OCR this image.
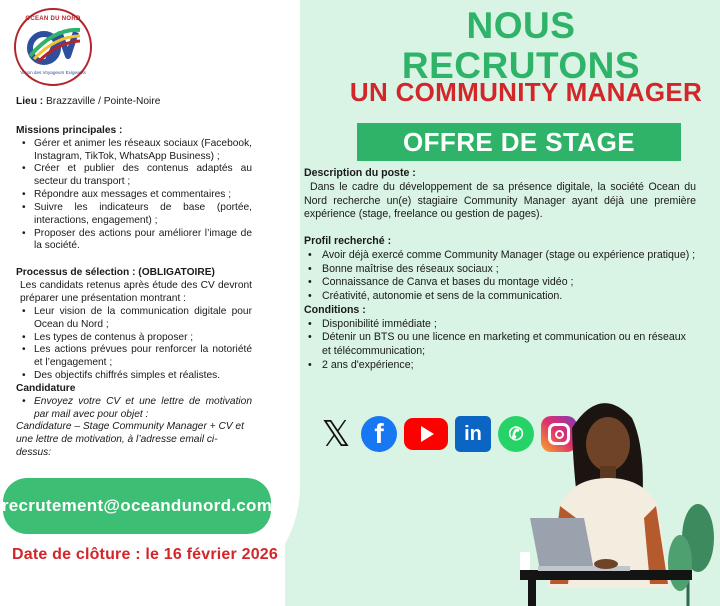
OCEAN DU NORD
Vision des Voyageurs Exigeants
Lieu : Brazzaville / Pointe-Noire
Missions principales :
• Gérer et animer les réseaux sociaux (Facebook, Instagram, TikTok, WhatsApp Business) ;
• Créer et publier des contenus adaptés au secteur du transport ;
• Répondre aux messages et commentaires ;
• Suivre les indicateurs de base (portée, interactions, engagement) ;
• Proposer des actions pour améliorer l’image de la société.
Processus de sélection : (OBLIGATOIRE)
Les candidats retenus après étude des CV devront préparer une présentation montrant :
• Leur vision de la communication digitale pour Ocean du Nord ;
• Les types de contenus à proposer ;
• Les actions prévues pour renforcer la notoriété et l’engagement ;
• Des objectifs chiffrés simples et réalistes.
Candidature
• Envoyez votre CV et une lettre de motivation par mail avec pour objet :
Candidature – Stage Community Manager + CV et une lettre de motivation, à l’adresse email ci-dessus:
recrutement@oceandunord.com
Date de clôture : le 16 février 2026
NOUS
RECRUTONS
UN COMMUNITY MANAGER
OFFRE DE STAGE
Description du poste :
Dans le cadre du développement de sa présence digitale, la société Ocean du Nord recherche un(e) stagiaire Community Manager ayant déjà une première expérience (stage, freelance ou gestion de pages).
Profil recherché :
• Avoir déjà exercé comme Community Manager (stage ou expérience pratique) ;
• Bonne maîtrise des réseaux sociaux ;
• Connaissance de Canva et bases du montage vidéo ;
• Créativité, autonomie et sens de la communication.
Conditions :
• Disponibilité immédiate ;
• Détenir un BTS ou une licence en marketing et communication ou en réseaux et télécommunication;
• 2 ans d'expérience;
𝕏 f	in	✆
